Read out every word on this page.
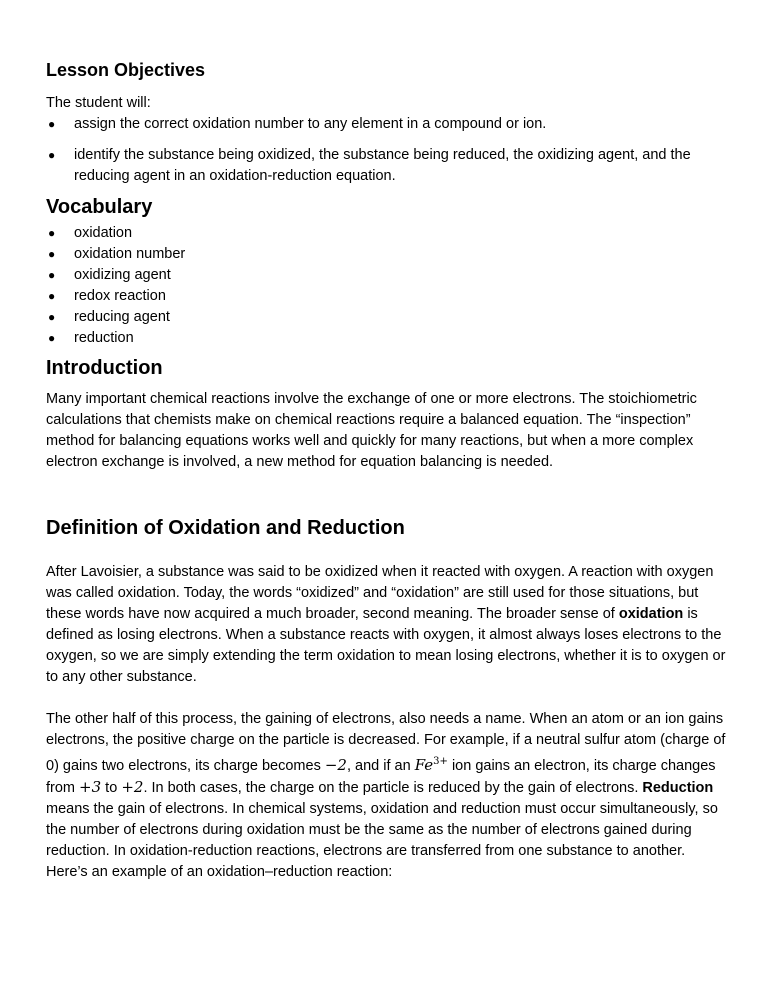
Lesson Objectives

The student will:

● assign the correct oxidation number to any element in a compound or ion.
● identify the substance being oxidized, the substance being reduced, the oxidizing agent, and the reducing agent in an oxidation-reduction equation.
Vocabulary
● oxidation
● oxidation number
● oxidizing agent
● redox reaction
● reducing agent
● reduction
Introduction

Many important chemical reactions involve the exchange of one or more electrons. The stoichiometric calculations that chemists make on chemical reactions require a balanced equation. The “inspection” method for balancing equations works well and quickly for many reactions, but when a more complex electron exchange is involved, a new method for equation balancing is needed.

Definition of Oxidation and Reduction

After Lavoisier, a substance was said to be oxidized when it reacted with oxygen. A reaction with oxygen was called oxidation. Today, the words “oxidized” and “oxidation” are still used for those situations, but these words have now acquired a much broader, second meaning. The broader sense of oxidation is defined as losing electrons. When a substance reacts with oxygen, it almost always loses electrons to the oxygen, so we are simply extending the term oxidation to mean losing electrons, whether it is to oxygen or to any other substance.

The other half of this process, the gaining of electrons, also needs a name. When an atom or an ion gains electrons, the positive charge on the particle is decreased. For example, if a neutral sulfur atom (charge of 0) gains two electrons, its charge becomes −2, and if an $Fe^{3+}$ ion gains an electron, its charge changes from +3 to +2. In both cases, the charge on the particle is reduced by the gain of electrons. Reduction means the gain of electrons. In chemical systems, oxidation and reduction must occur simultaneously, so the number of electrons during oxidation must be the same as the number of electrons gained during reduction. In oxidation-reduction reactions, electrons are transferred from one substance to another. Here’s an example of an oxidation–reduction reaction:
